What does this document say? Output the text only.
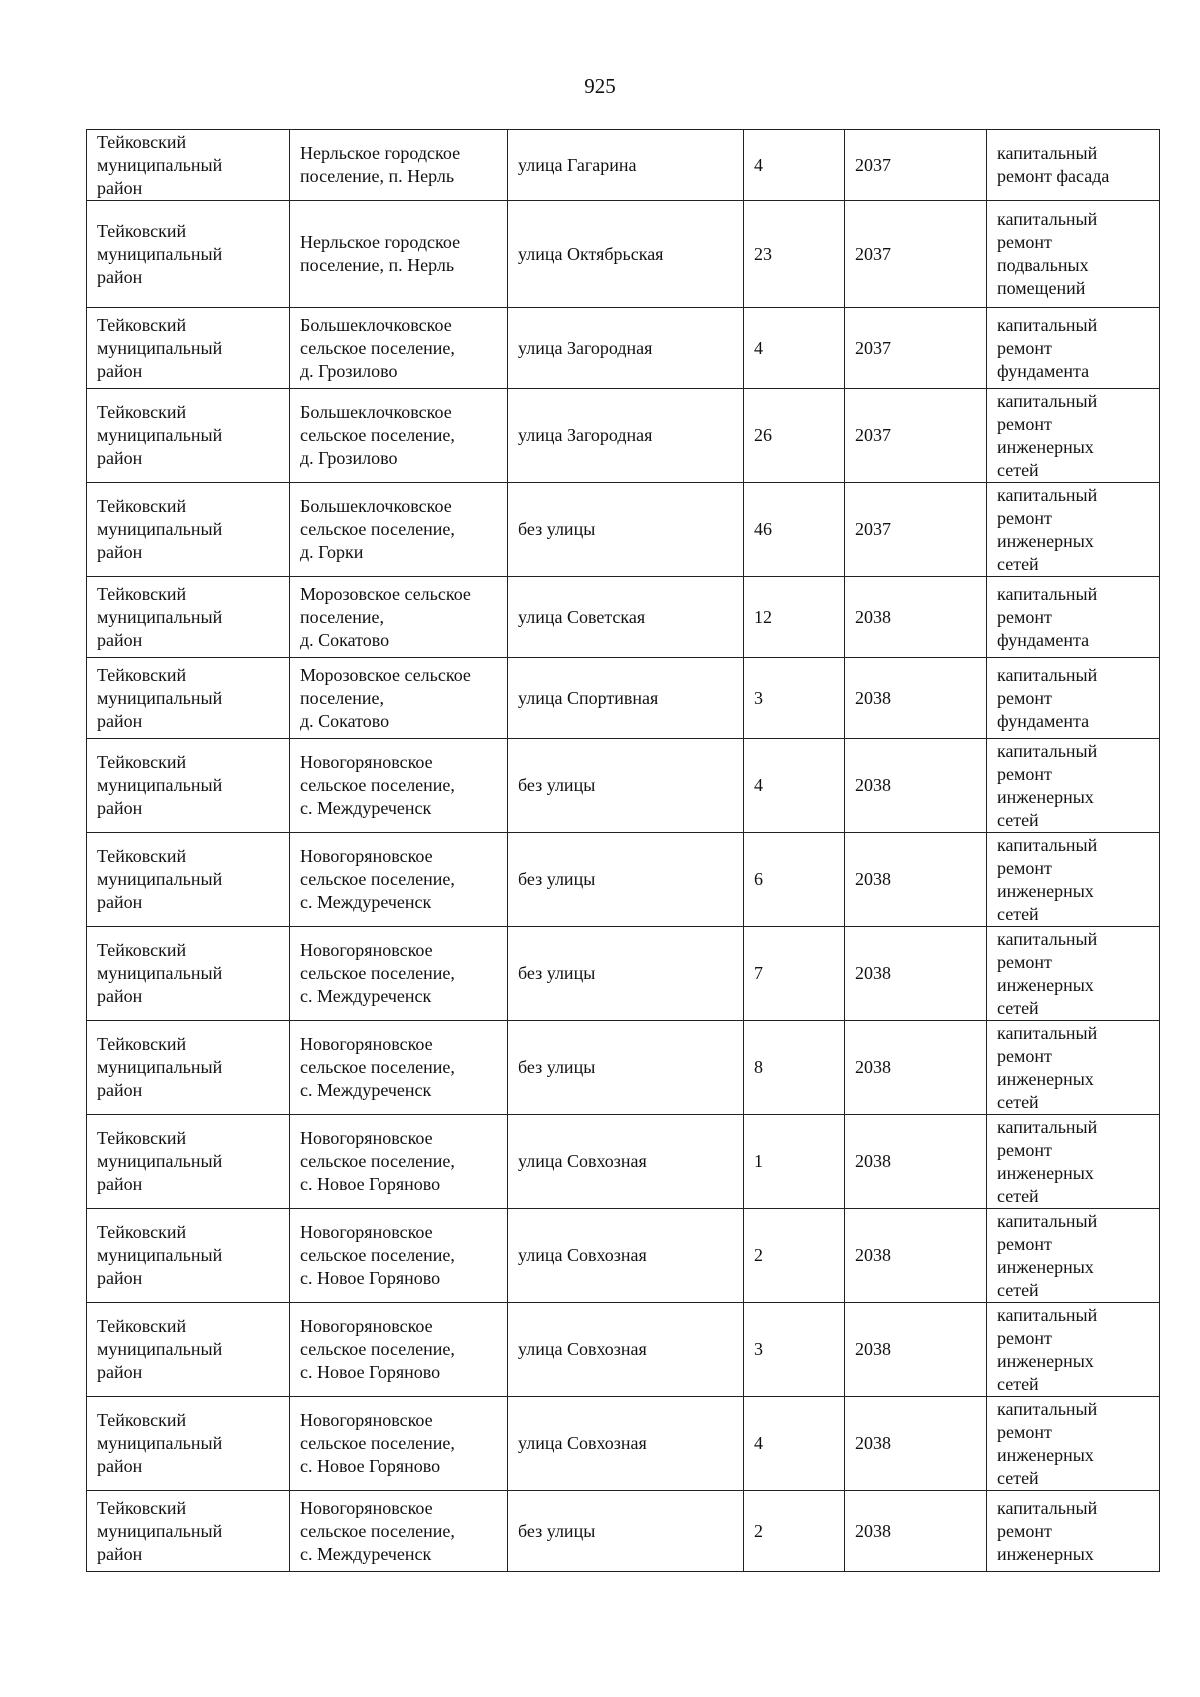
925
Тейковский
муниципальный
район	Нерльское городское
поселение, п. Нерль	улица Гагарина	4	2037	капитальный
ремонт фасада

Тейковский
муниципальный
район	Нерльское городское
поселение, п. Нерль	улица Октябрьская	23	2037	капитальный
ремонт
подвальных
помещений

Тейковский
муниципальный
район	Большеклочковское
сельское поселение,
д. Грозилово	улица Загородная	4	2037	капитальный
ремонт
фундамента

Тейковский
муниципальный
район	Большеклочковское
сельское поселение,
д. Грозилово	улица Загородная	26	2037	капитальный
ремонт
инженерных
сетей

Тейковский
муниципальный
район	Большеклочковское
сельское поселение,
д. Горки	без улицы	46	2037	капитальный
ремонт
инженерных
сетей

Тейковский
муниципальный
район	Морозовское сельское
поселение,
д. Сокатово	улица Советская	12	2038	капитальный
ремонт
фундамента

Тейковский
муниципальный
район	Морозовское сельское
поселение,
д. Сокатово	улица Спортивная	3	2038	капитальный
ремонт
фундамента

Тейковский
муниципальный
район	Новогоряновское
сельское поселение,
с. Междуреченск	без улицы	4	2038	капитальный
ремонт
инженерных
сетей

Тейковский
муниципальный
район	Новогоряновское
сельское поселение,
с. Междуреченск	без улицы	6	2038	капитальный
ремонт
инженерных
сетей

Тейковский
муниципальный
район	Новогоряновское
сельское поселение,
с. Междуреченск	без улицы	7	2038	капитальный
ремонт
инженерных
сетей

Тейковский
муниципальный
район	Новогоряновское
сельское поселение,
с. Междуреченск	без улицы	8	2038	капитальный
ремонт
инженерных
сетей

Тейковский
муниципальный
район	Новогоряновское
сельское поселение,
с. Новое Горяново	улица Совхозная	1	2038	капитальный
ремонт
инженерных
сетей

Тейковский
муниципальный
район	Новогоряновское
сельское поселение,
с. Новое Горяново	улица Совхозная	2	2038	капитальный
ремонт
инженерных
сетей

Тейковский
муниципальный
район	Новогоряновское
сельское поселение,
с. Новое Горяново	улица Совхозная	3	2038	капитальный
ремонт
инженерных
сетей

Тейковский
муниципальный
район	Новогоряновское
сельское поселение,
с. Новое Горяново	улица Совхозная	4	2038	капитальный
ремонт
инженерных
сетей

Тейковский
муниципальный
район	Новогоряновское
сельское поселение,
с. Междуреченск	без улицы	2	2038	капитальный
ремонт
инженерных
